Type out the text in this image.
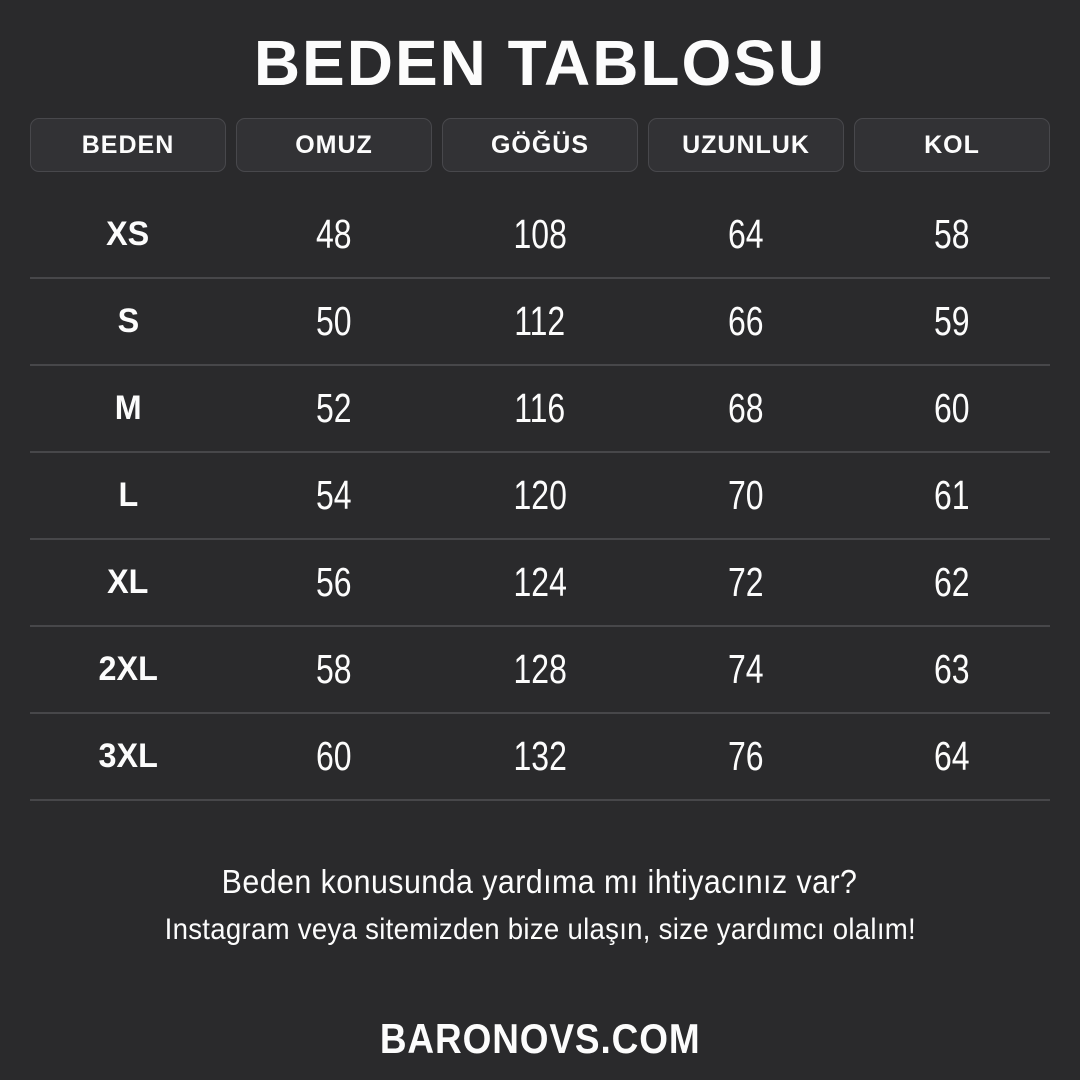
BEDEN TABLOSU
BEDEN	OMUZ	GÖĞÜS	UZUNLUK	KOL
XS	48	108	64	58
S	50	112	66	59
M	52	116	68	60
L	54	120	70	61
XL	56	124	72	62
2XL	58	128	74	63
3XL	60	132	76	64
Beden konusunda yardıma mı ihtiyacınız var?
Instagram veya sitemizden bize ulaşın, size yardımcı olalım!
BARONOVS.COM
